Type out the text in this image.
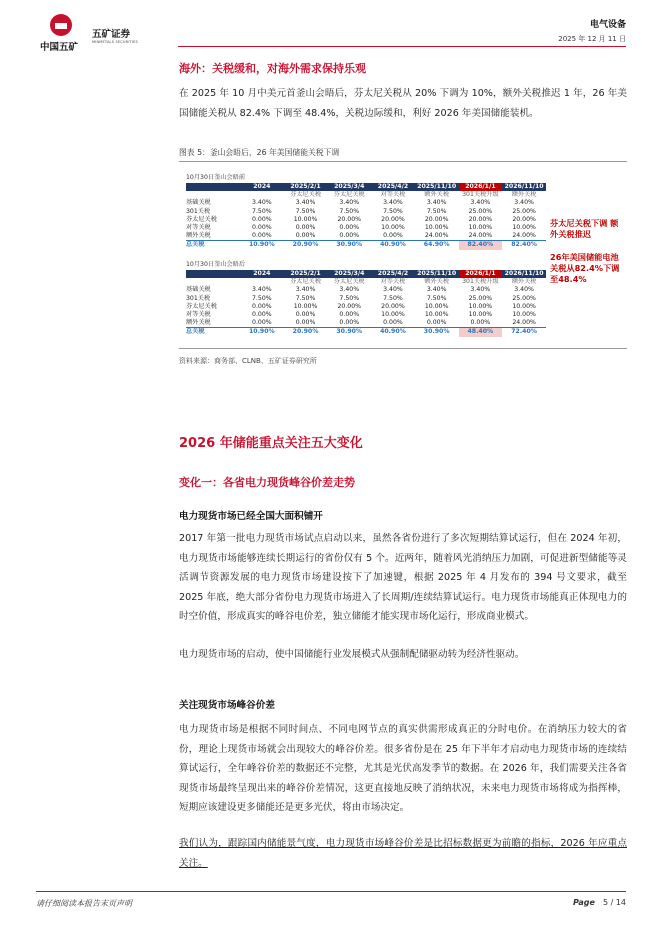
中国五矿
五矿证券
MINMETALS SECURITIES
电气设备
2025 年 12 月 11 日
海外：关税缓和，对海外需求保持乐观
在 2025 年 10 月中美元首釜山会晤后，芬太尼关税从 20% 下调为 10%，额外关税推迟 1 年，26 年美国储能关税从 82.4% 下调至 48.4%，关税边际缓和，利好 2026 年美国储能装机。
图表 5：釜山会晤后，26 年美国储能关税下调
10月30日釜山会晤前
	2024	2025/2/1	2025/3/4	2025/4/2	2025/11/10	2026/1/1	2026/11/10
		芬太尼关税	芬太尼关税	对等关税	额外关税	301关税升级	额外关税
基础关税	3.40%	3.40%	3.40%	3.40%	3.40%	3.40%	3.40%
301关税	7.50%	7.50%	7.50%	7.50%	7.50%	25.00%	25.00%
芬太尼关税	0.00%	10.00%	20.00%	20.00%	20.00%	20.00%	20.00%
对等关税	0.00%	0.00%	0.00%	10.00%	10.00%	10.00%	10.00%
额外关税	0.00%	0.00%	0.00%	0.00%	24.00%	24.00%	24.00%
总关税	10.90%	20.90%	30.90%	40.90%	64.90%	82.40%	82.40%
10月30日釜山会晤后
	2024	2025/2/1	2025/3/4	2025/4/2	2025/11/10	2026/1/1	2026/11/10
		芬太尼关税	芬太尼关税	对等关税	额外关税	301关税升级	额外关税
基础关税	3.40%	3.40%	3.40%	3.40%	3.40%	3.40%	3.40%
301关税	7.50%	7.50%	7.50%	7.50%	7.50%	25.00%	25.00%
芬太尼关税	0.00%	10.00%	20.00%	20.00%	10.00%	10.00%	10.00%
对等关税	0.00%	0.00%	0.00%	10.00%	10.00%	10.00%	10.00%
额外关税	0.00%	0.00%	0.00%	0.00%	0.00%	0.00%	24.00%
总关税	10.90%	20.90%	30.90%	40.90%	30.90%	48.40%	72.40%
芬太尼关税下调 额外关税推迟
26年美国储能电池关税从82.4%下调至48.4%
资料来源：商务部、CLNB、五矿证券研究所
2026 年储能重点关注五大变化
变化一：各省电力现货峰谷价差走势
电力现货市场已经全国大面积铺开
2017 年第一批电力现货市场试点启动以来，虽然各省份进行了多次短期结算试运行，但在 2024 年初，电力现货市场能够连续长期运行的省份仅有 5 个。近两年，随着风光消纳压力加剧，可促进新型储能等灵活调节资源发展的电力现货市场建设按下了加速键，根据 2025 年 4 月发布的 394 号文要求，截至 2025 年底，绝大部分省份电力现货市场进入了长周期/连续结算试运行。电力现货市场能真正体现电力的时空价值，形成真实的峰谷电价差，独立储能才能实现市场化运行，形成商业模式。
电力现货市场的启动，使中国储能行业发展模式从强制配储驱动转为经济性驱动。
关注现货市场峰谷价差
电力现货市场是根据不同时间点、不同电网节点的真实供需形成真正的分时电价。在消纳压力较大的省份，理论上现货市场就会出现较大的峰谷价差。很多省份是在 25 年下半年才启动电力现货市场的连续结算试运行，全年峰谷价差的数据还不完整，尤其是光伏高发季节的数据。在 2026 年，我们需要关注各省现货市场最终呈现出来的峰谷价差情况，这更直接地反映了消纳状况，未来电力现货市场将成为指挥棒，短期应该建设更多储能还是更多光伏，将由市场决定。
我们认为，跟踪国内储能景气度，电力现货市场峰谷价差是比招标数据更为前瞻的指标，2026 年应重点关注。
请仔细阅读本报告末页声明	Page 5 / 14
